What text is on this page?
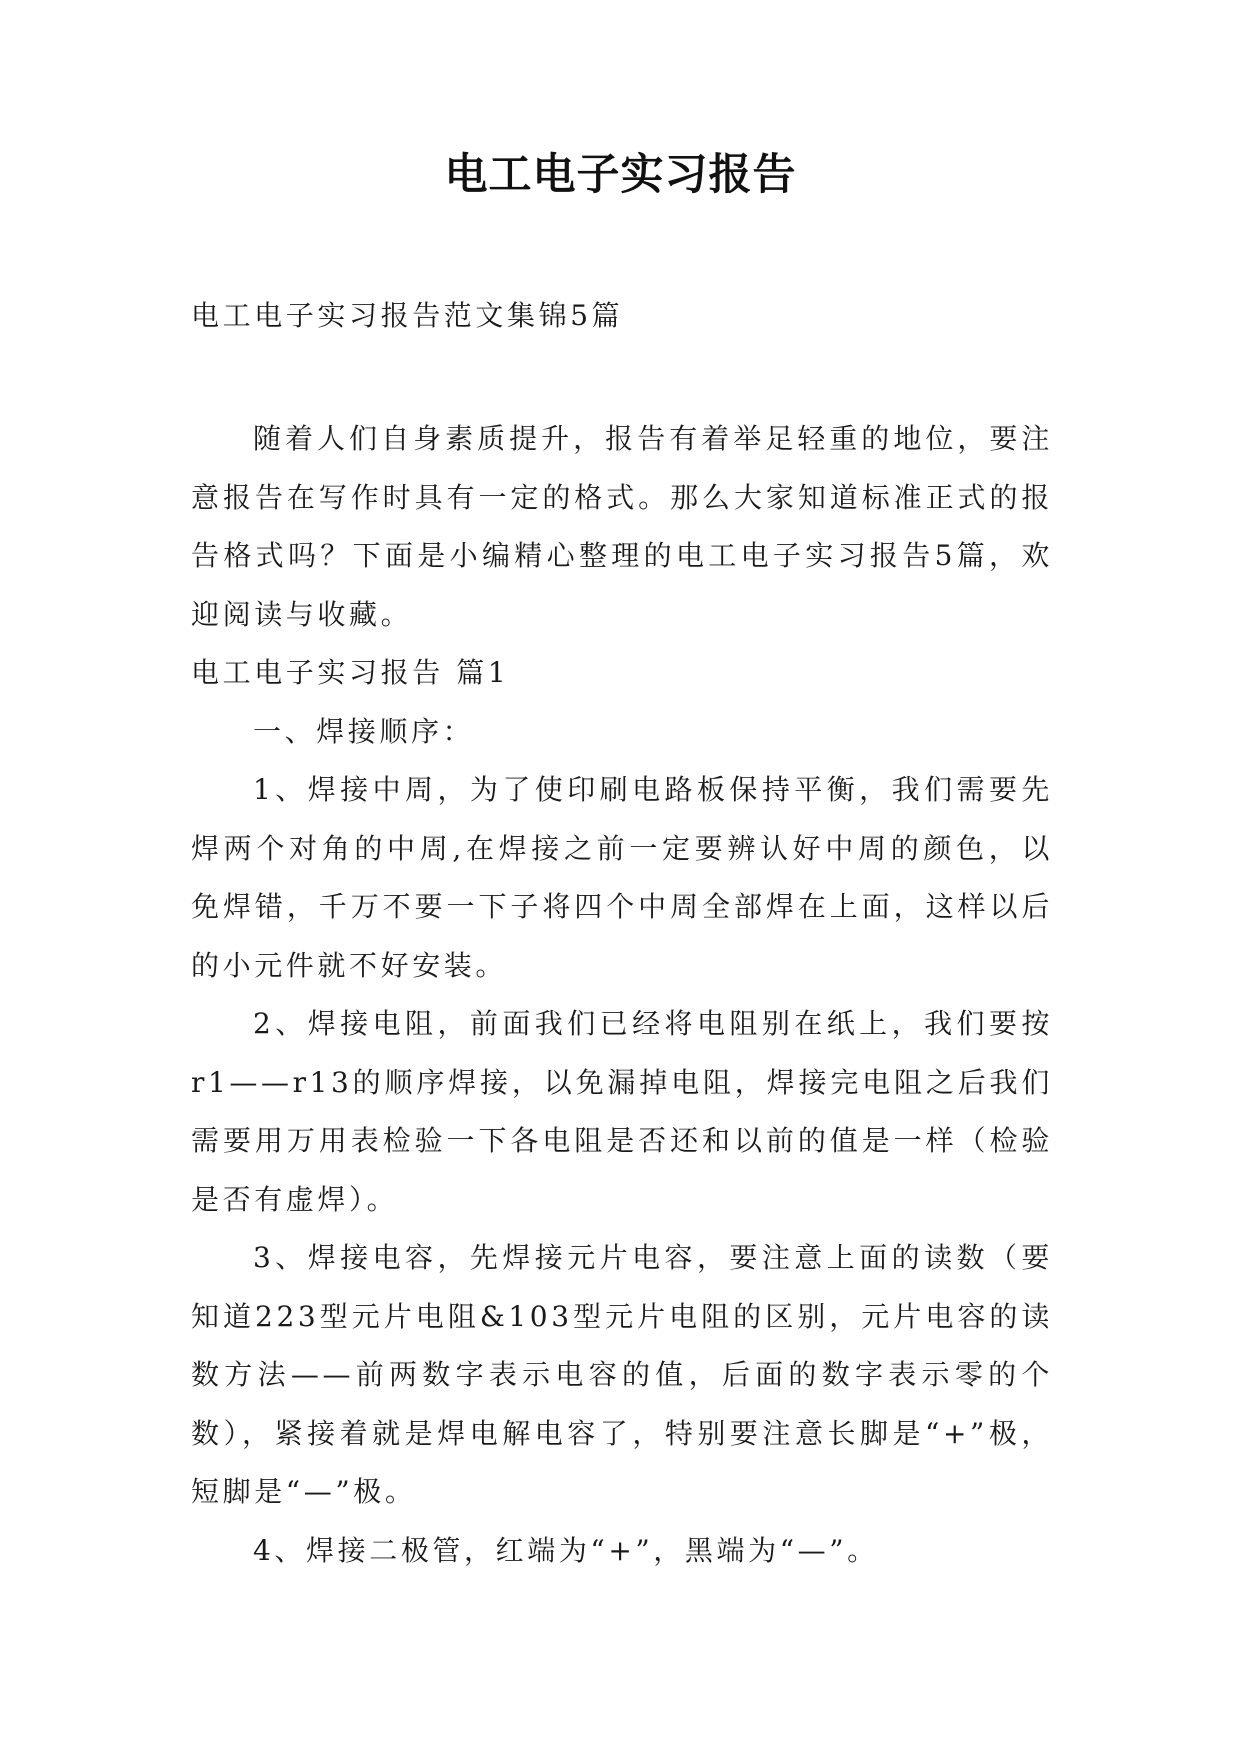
电工电子实习报告
电工电子实习报告范文集锦5篇

随着人们自身素质提升，报告有着举足轻重的地位，要注意报告在写作时具有一定的格式。那么大家知道标准正式的报告格式吗？下面是小编精心整理的电工电子实习报告5篇，欢迎阅读与收藏。

电工电子实习报告 篇1

一、焊接顺序：

1、焊接中周，为了使印刷电路板保持平衡，我们需要先焊两个对角的中周,在焊接之前一定要辨认好中周的颜色，以免焊错，千万不要一下子将四个中周全部焊在上面，这样以后的小元件就不好安装。

2、焊接电阻，前面我们已经将电阻别在纸上，我们要按r1——r13的顺序焊接，以免漏掉电阻，焊接完电阻之后我们需要用万用表检验一下各电阻是否还和以前的值是一样（检验是否有虚焊）。

3、焊接电容，先焊接元片电容，要注意上面的读数（要知道223型元片电阻&103型元片电阻的区别，元片电容的读数方法——前两数字表示电容的值，后面的数字表示零的个数），紧接着就是焊电解电容了，特别要注意长脚是“+”极，短脚是“—”极。

4、焊接二极管，红端为“+”，黑端为“—”。
